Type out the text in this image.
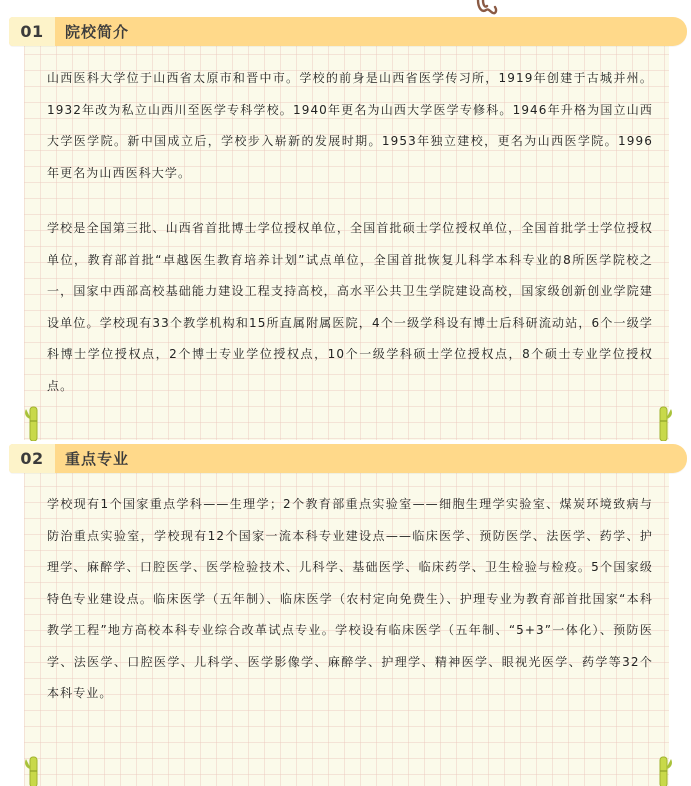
01	院校简介

山西医科大学位于山西省太原市和晋中市。学校的前身是山西省医学传习所，1919年创建于古城并州。1932年改为私立山西川至医学专科学校。1940年更名为山西大学医学专修科。1946年升格为国立山西大学医学院。新中国成立后，学校步入崭新的发展时期。1953年独立建校，更名为山西医学院。1996年更名为山西医科大学。

学校是全国第三批、山西省首批博士学位授权单位，全国首批硕士学位授权单位，全国首批学士学位授权单位，教育部首批“卓越医生教育培养计划”试点单位，全国首批恢复儿科学本科专业的8所医学院校之一，国家中西部高校基础能力建设工程支持高校，高水平公共卫生学院建设高校，国家级创新创业学院建设单位。学校现有33个教学机构和15所直属附属医院，4个一级学科设有博士后科研流动站，6个一级学科博士学位授权点，2个博士专业学位授权点，10个一级学科硕士学位授权点，8个硕士专业学位授权点。

02	重点专业

学校现有1个国家重点学科——生理学；2个教育部重点实验室——细胞生理学实验室、煤炭环境致病与防治重点实验室，学校现有12个国家一流本科专业建设点——临床医学、预防医学、法医学、药学、护理学、麻醉学、口腔医学、医学检验技术、儿科学、基础医学、临床药学、卫生检验与检疫。5个国家级特色专业建设点。临床医学（五年制）、临床医学（农村定向免费生）、护理专业为教育部首批国家“本科教学工程”地方高校本科专业综合改革试点专业。学校设有临床医学（五年制、“5+3”一体化）、预防医学、法医学、口腔医学、儿科学、医学影像学、麻醉学、护理学、精神医学、眼视光医学、药学等32个本科专业。
